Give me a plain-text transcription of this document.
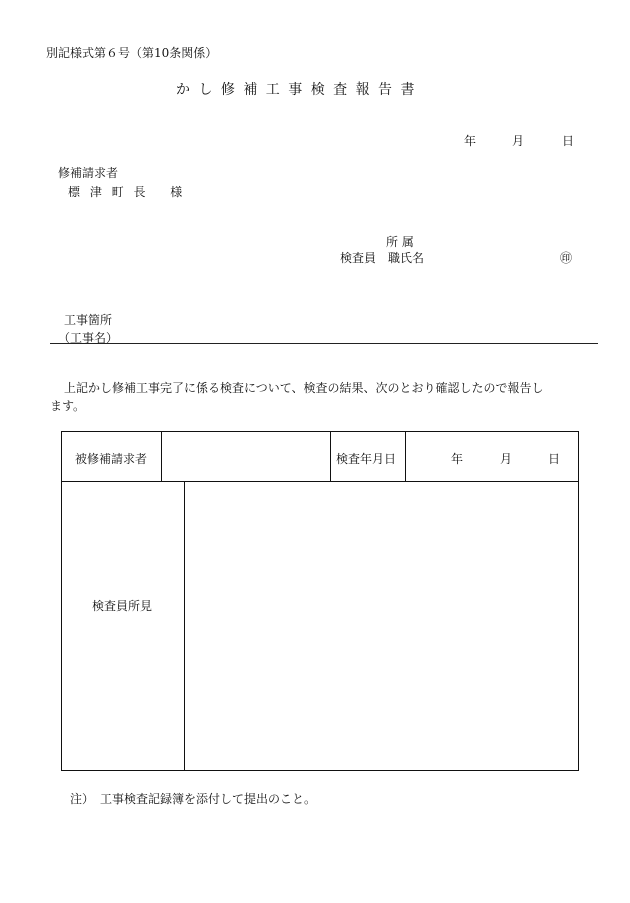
別記様式第６号（第10条関係）
か し 修 補 工 事 検 査 報 告 書
年	月	日
修補請求者
標 津 町 長　 様
所 属
検査員 職氏名	㊞
工事箇所
（工事名）
上記かし修補工事完了に係る検査について、検査の結果、次のとおり確認したので報告し
ます。
被修補請求者	検査年月日	年	月	日
検査員所見
注）　工事検査記録簿を添付して提出のこと。
